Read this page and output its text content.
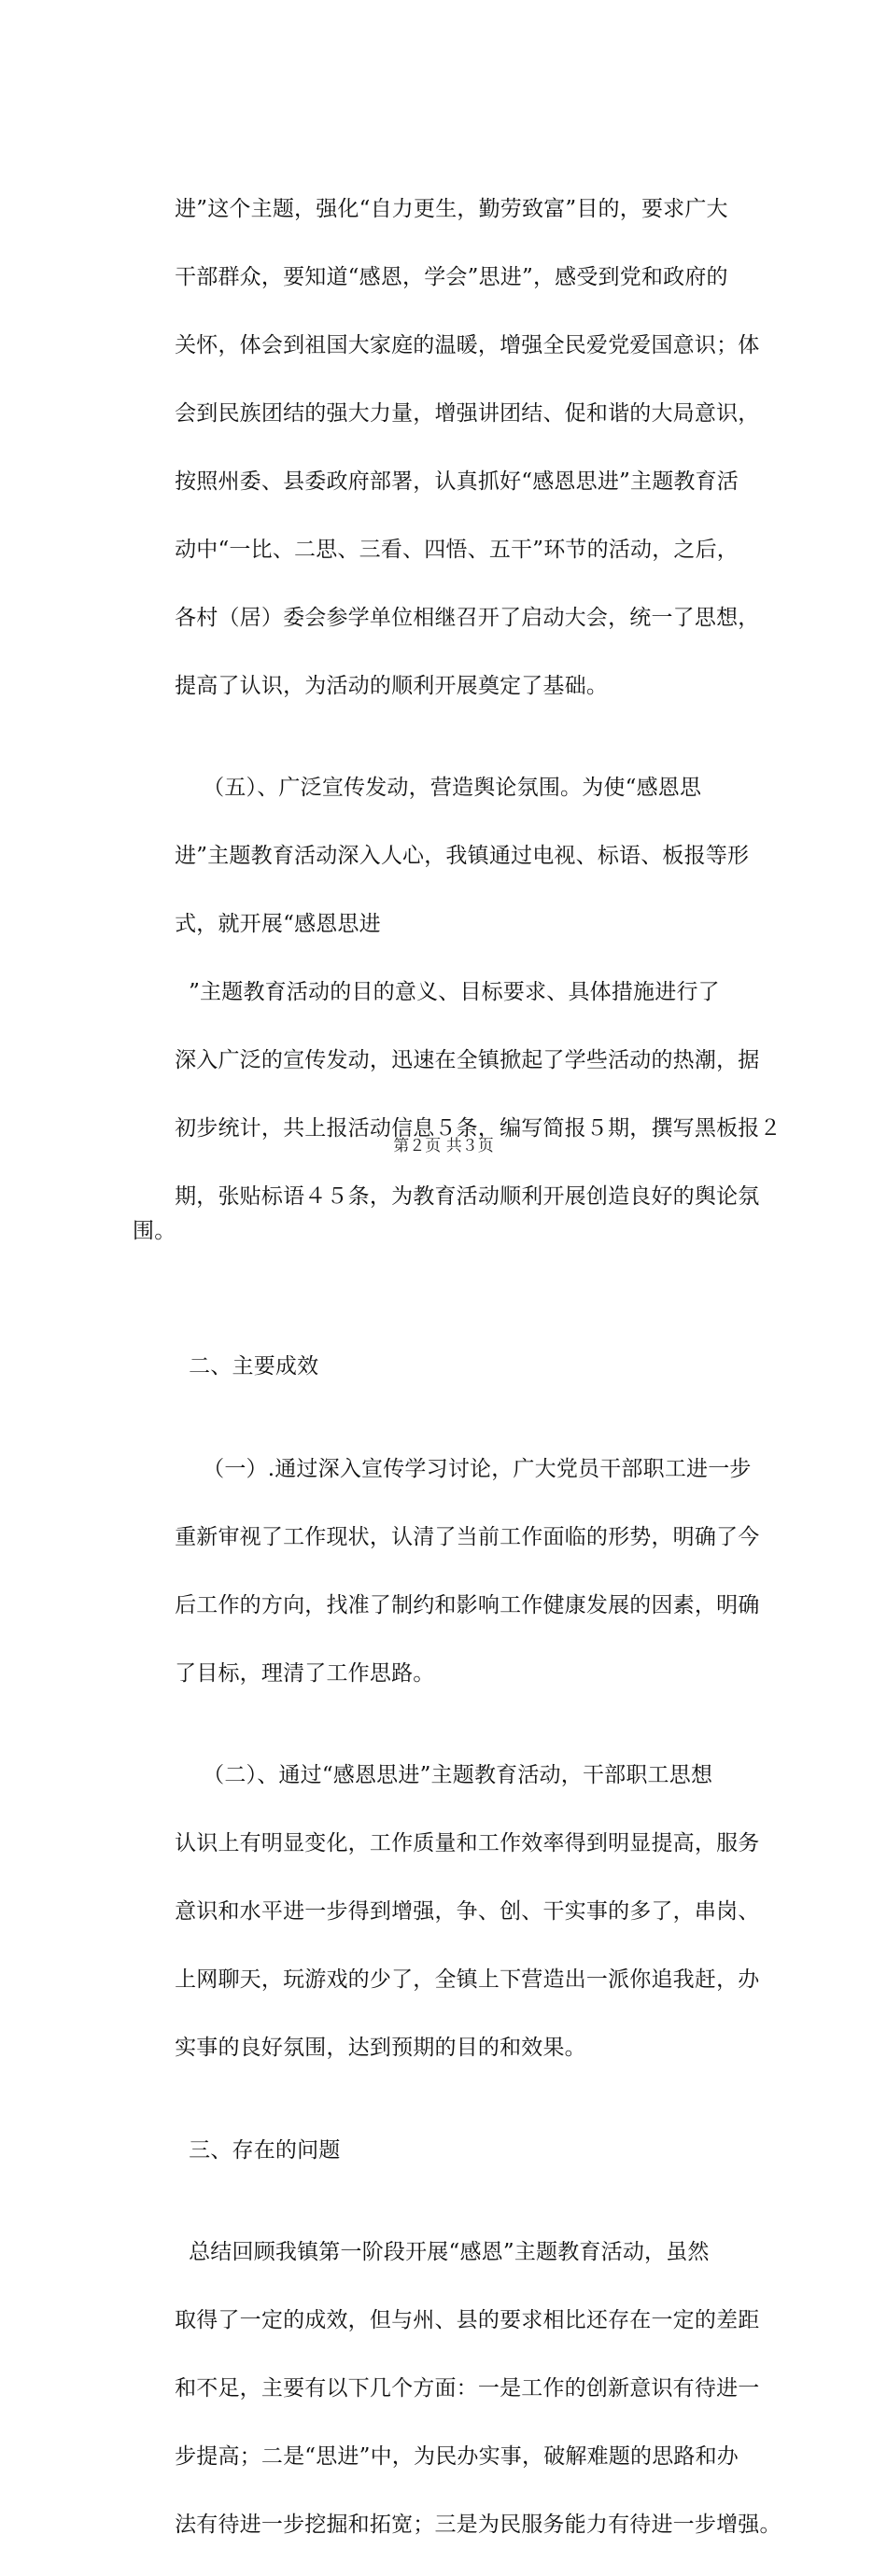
进”这个主题，强化“自力更生，勤劳致富”目的，要求广大

干部群众，要知道“感恩，学会”思进”，感受到党和政府的

关怀，体会到祖国大家庭的温暖，增强全民爱党爱国意识；体

会到民族团结的强大力量，增强讲团结、促和谐的大局意识，

按照州委、县委政府部署，认真抓好“感恩思进”主题教育活

动中“一比、二思、三看、四悟、五干”环节的活动，之后，

各村（居）委会参学单位相继召开了启动大会，统一了思想，

提高了认识，为活动的顺利开展奠定了基础。

（五）、广泛宣传发动，营造舆论氛围。为使“感恩思

进”主题教育活动深入人心，我镇通过电视、标语、板报等形

式，就开展“感恩思进

”主题教育活动的目的意义、目标要求、具体措施进行了

深入广泛的宣传发动，迅速在全镇掀起了学些活动的热潮，据

初步统计，共上报活动信息５条，编写简报５期，撰写黑板报２

期，张贴标语４５条，为教育活动顺利开展创造良好的舆论氛围。

二、主要成效

（一）.通过深入宣传学习讨论，广大党员干部职工进一步

重新审视了工作现状，认清了当前工作面临的形势，明确了今

后工作的方向，找准了制约和影响工作健康发展的因素，明确

了目标，理清了工作思路。

（二）、通过“感恩思进”主题教育活动，干部职工思想

认识上有明显变化，工作质量和工作效率得到明显提高，服务

意识和水平进一步得到增强，争、创、干实事的多了，串岗、

上网聊天，玩游戏的少了，全镇上下营造出一派你追我赶，办

实事的良好氛围，达到预期的目的和效果。

三、存在的问题

总结回顾我镇第一阶段开展“感恩”主题教育活动，虽然

取得了一定的成效，但与州、县的要求相比还存在一定的差距

和不足，主要有以下几个方面：一是工作的创新意识有待进一

步提高；二是“思进”中，为民办实事，破解难题的思路和办

法有待进一步挖掘和拓宽；三是为民服务能力有待进一步增强。

第２页 共３页
